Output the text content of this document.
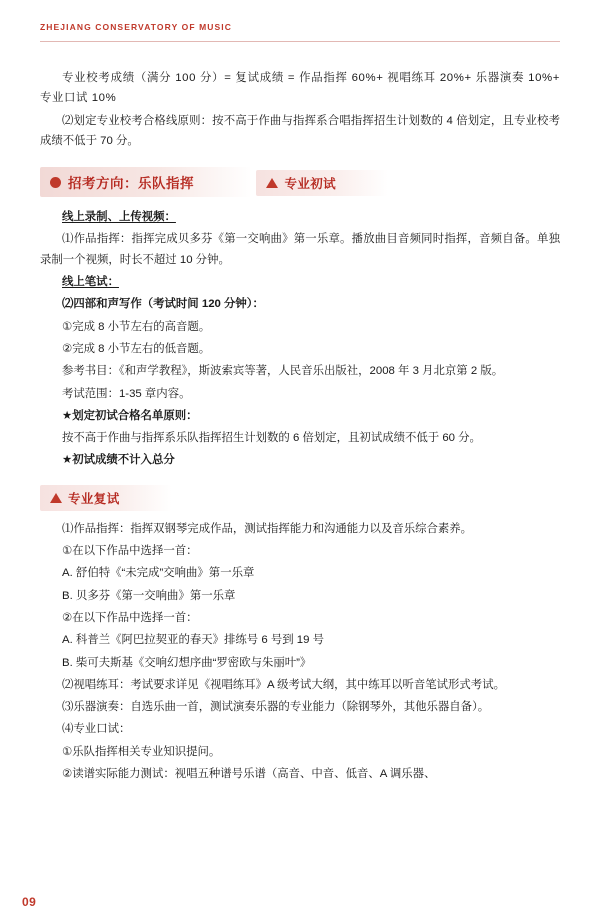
ZHEJIANG CONSERVATORY OF MUSIC

专业校考成绩（满分 100 分）= 复试成绩 = 作品指挥 60%+ 视唱练耳 20%+ 乐器演奏 10%+ 专业口试 10%

⑵划定专业校考合格线原则：按不高于作曲与指挥系合唱指挥招生计划数的 4 倍划定，且专业校考成绩不低于 70 分。

招考方向：乐队指挥
	专业初试

线上录制、上传视频：

⑴作品指挥：指挥完成贝多芬《第一交响曲》第一乐章。播放曲目音频同时指挥，音频自备。单独录制一个视频，时长不超过 10 分钟。

线上笔试：

⑵四部和声写作（考试时间 120 分钟）：

①完成 8 小节左右的高音题。

②完成 8 小节左右的低音题。

参考书目：《和声学教程》，斯波索宾等著，人民音乐出版社，2008 年 3 月北京第 2 版。

考试范围：1-35 章内容。

★划定初试合格名单原则：

按不高于作曲与指挥系乐队指挥招生计划数的 6 倍划定，且初试成绩不低于 60 分。

★初试成绩不计入总分

专业复试

⑴作品指挥：指挥双钢琴完成作品，测试指挥能力和沟通能力以及音乐综合素养。

①在以下作品中选择一首：

A. 舒伯特《“未完成”交响曲》第一乐章

B. 贝多芬《第一交响曲》第一乐章

②在以下作品中选择一首：

A. 科普兰《阿巴拉契亚的春天》排练号 6 号到 19 号

B. 柴可夫斯基《交响幻想序曲“罗密欧与朱丽叶”》

⑵视唱练耳：考试要求详见《视唱练耳》A 级考试大纲，其中练耳以听音笔试形式考试。

⑶乐器演奏：自选乐曲一首，测试演奏乐器的专业能力（除钢琴外，其他乐器自备）。

⑷专业口试：

①乐队指挥相关专业知识提问。

②读谱实际能力测试：视唱五种谱号乐谱（高音、中音、低音、A 调乐器、

09
